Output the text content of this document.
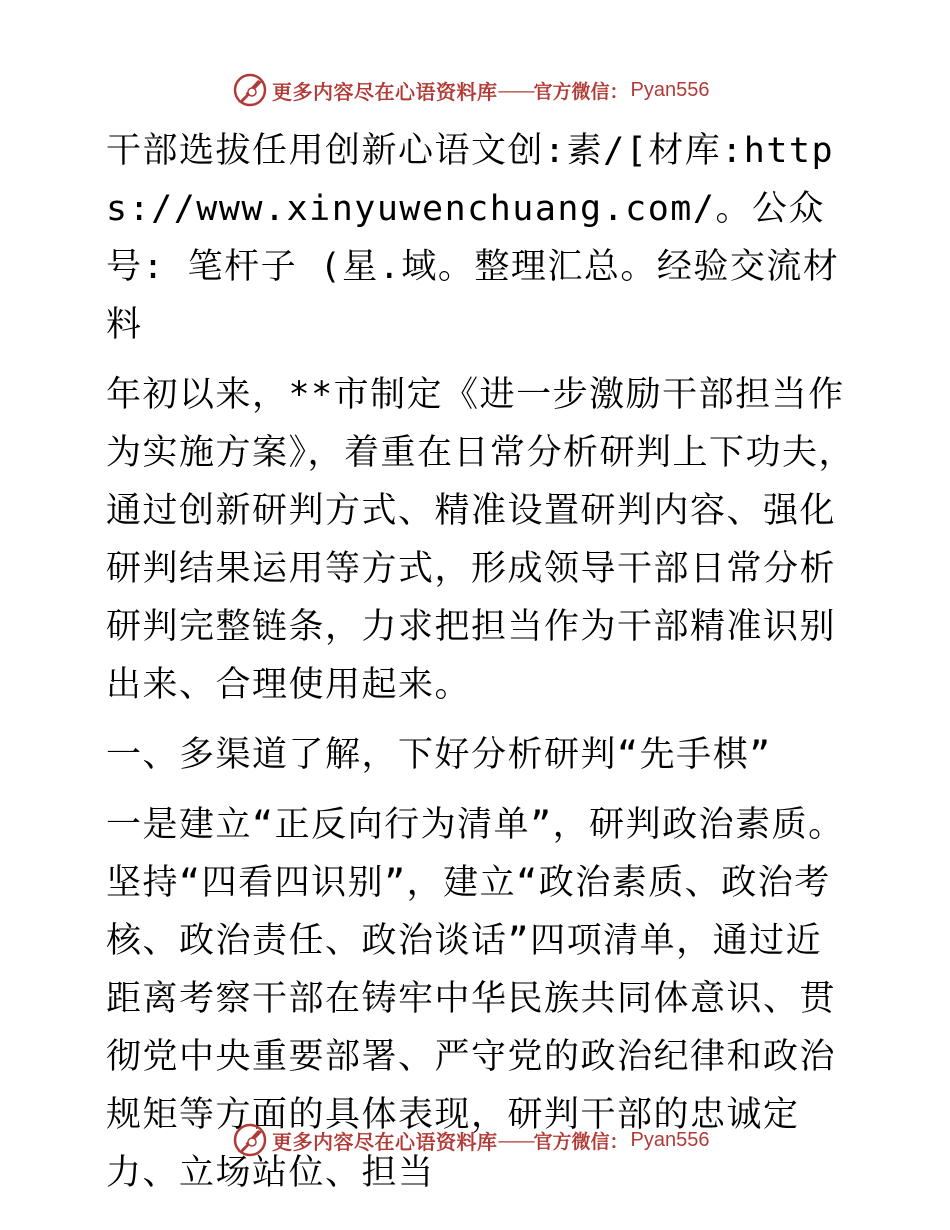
更多内容尽在心语资料库 —— 官方微信： Pyan556

干部选拔任用创新心语文创:素/[材库:https://www.xinyuwenchuang.com/。公众号: 笔杆子 (星.域。整理汇总。经验交流材料

年初以来，**市制定《进一步激励干部担当作为实施方案》，着重在日常分析研判上下功夫，通过创新研判方式、精准设置研判内容、强化研判结果运用等方式，形成领导干部日常分析研判完整链条，力求把担当作为干部精准识别出来、合理使用起来。

一、多渠道了解，下好分析研判“先手棋”

一是建立“正反向行为清单”，研判政治素质。坚持“四看四识别”，建立“政治素质、政治考核、政治责任、政治谈话”四项清单，通过近距离考察干部在铸牢中华民族共同体意识、贯彻党中央重要部署、严守党的政治纪律和政治规矩等方面的具体表现，研判干部的忠诚定力、立场站位、担当

更多内容尽在心语资料库 —— 官方微信： Pyan556
